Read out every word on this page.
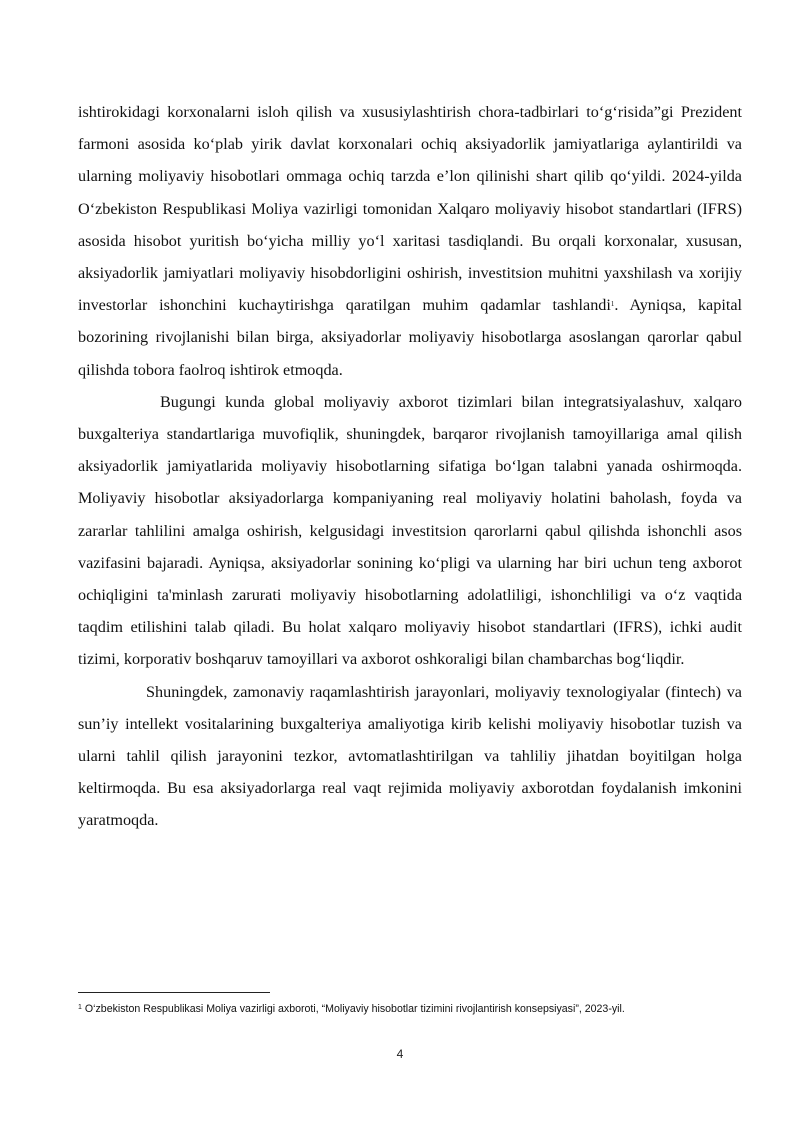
ishtirokidagi korxonalarni isloh qilish va xususiylashtirish chora-tadbirlari to‘g‘risida”gi Prezident farmoni asosida ko‘plab yirik davlat korxonalari ochiq aksiyadorlik jamiyatlariga aylantirildi va ularning moliyaviy hisobotlari ommaga ochiq tarzda e’lon qilinishi shart qilib qo‘yildi. 2024-yilda O‘zbekiston Respublikasi Moliya vazirligi tomonidan Xalqaro moliyaviy hisobot standartlari (IFRS) asosida hisobot yuritish bo‘yicha milliy yo‘l xaritasi tasdiqlandi. Bu orqali korxonalar, xususan, aksiyadorlik jamiyatlari moliyaviy hisobdorligini oshirish, investitsion muhitni yaxshilash va xorijiy investorlar ishonchini kuchaytirishga qaratilgan muhim qadamlar tashlandi$^1$. Ayniqsa, kapital bozorining rivojlanishi bilan birga, aksiyadorlar moliyaviy hisobotlarga asoslangan qarorlar qabul qilishda tobora faolroq ishtirok etmoqda.

Bugungi kunda global moliyaviy axborot tizimlari bilan integratsiyalashuv, xalqaro buxgalteriya standartlariga muvofiqlik, shuningdek, barqaror rivojlanish tamoyillariga amal qilish aksiyadorlik jamiyatlarida moliyaviy hisobotlarning sifatiga bo‘lgan talabni yanada oshirmoqda. Moliyaviy hisobotlar aksiyadorlarga kompaniyaning real moliyaviy holatini baholash, foyda va zararlar tahlilini amalga oshirish, kelgusidagi investitsion qarorlarni qabul qilishda ishonchli asos vazifasini bajaradi. Ayniqsa, aksiyadorlar sonining ko‘pligi va ularning har biri uchun teng axborot ochiqligini ta'minlash zarurati moliyaviy hisobotlarning adolatliligi, ishonchliligi va o‘z vaqtida taqdim etilishini talab qiladi. Bu holat xalqaro moliyaviy hisobot standartlari (IFRS), ichki audit tizimi, korporativ boshqaruv tamoyillari va axborot oshkoraligi bilan chambarchas bog‘liqdir.

Shuningdek, zamonaviy raqamlashtirish jarayonlari, moliyaviy texnologiyalar (fintech) va sun’iy intellekt vositalarining buxgalteriya amaliyotiga kirib kelishi moliyaviy hisobotlar tuzish va ularni tahlil qilish jarayonini tezkor, avtomatlashtirilgan va tahliliy jihatdan boyitilgan holga keltirmoqda. Bu esa aksiyadorlarga real vaqt rejimida moliyaviy axborotdan foydalanish imkonini yaratmoqda.

$^1$ O‘zbekiston Respublikasi Moliya vazirligi axboroti, “Moliyaviy hisobotlar tizimini rivojlantirish konsepsiyasi”, 2023-yil.
4
